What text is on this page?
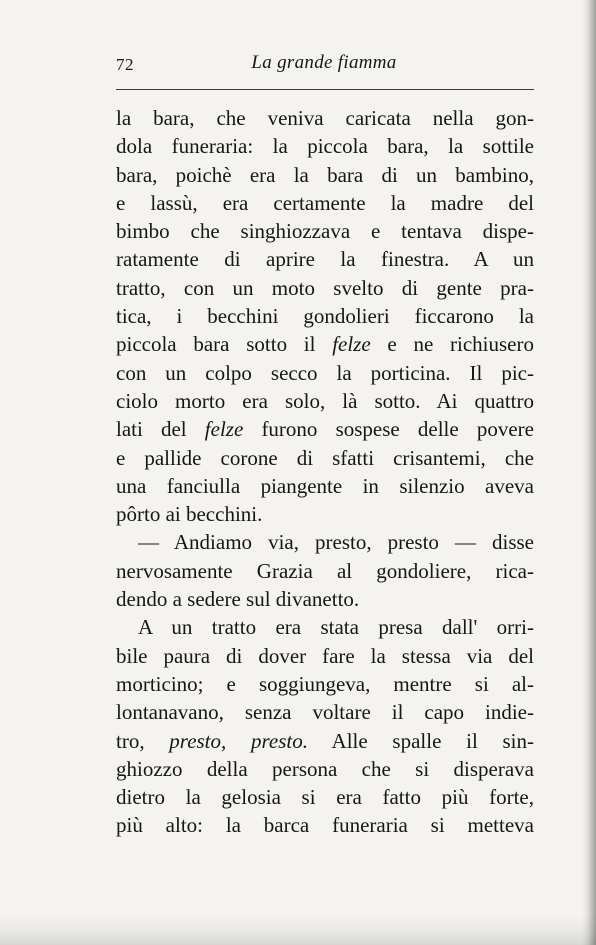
72	La grande fiamma
la bara, che veniva caricata nella gon-
dola funeraria: la piccola bara, la sottile
bara, poichè era la bara di un bambino,
e lassù, era certamente la madre del
bimbo che singhiozzava e tentava dispe-
ratamente di aprire la finestra. A un
tratto, con un moto svelto di gente pra-
tica, i becchini gondolieri ficcarono la
piccola bara sotto il felze e ne richiusero
con un colpo secco la porticina. Il pic-
ciolo morto era solo, là sotto. Ai quattro
lati del felze furono sospese delle povere
e pallide corone di sfatti crisantemi, che
una fanciulla piangente in silenzio aveva
pôrto ai becchini.
— Andiamo via, presto, presto — disse
nervosamente Grazia al gondoliere, rica-
dendo a sedere sul divanetto.
A un tratto era stata presa dall' orri-
bile paura di dover fare la stessa via del
morticino; e soggiungeva, mentre si al-
lontanavano, senza voltare il capo indie-
tro, presto, presto. Alle spalle il sin-
ghiozzo della persona che si disperava
dietro la gelosia si era fatto più forte,
più alto: la barca funeraria si metteva
